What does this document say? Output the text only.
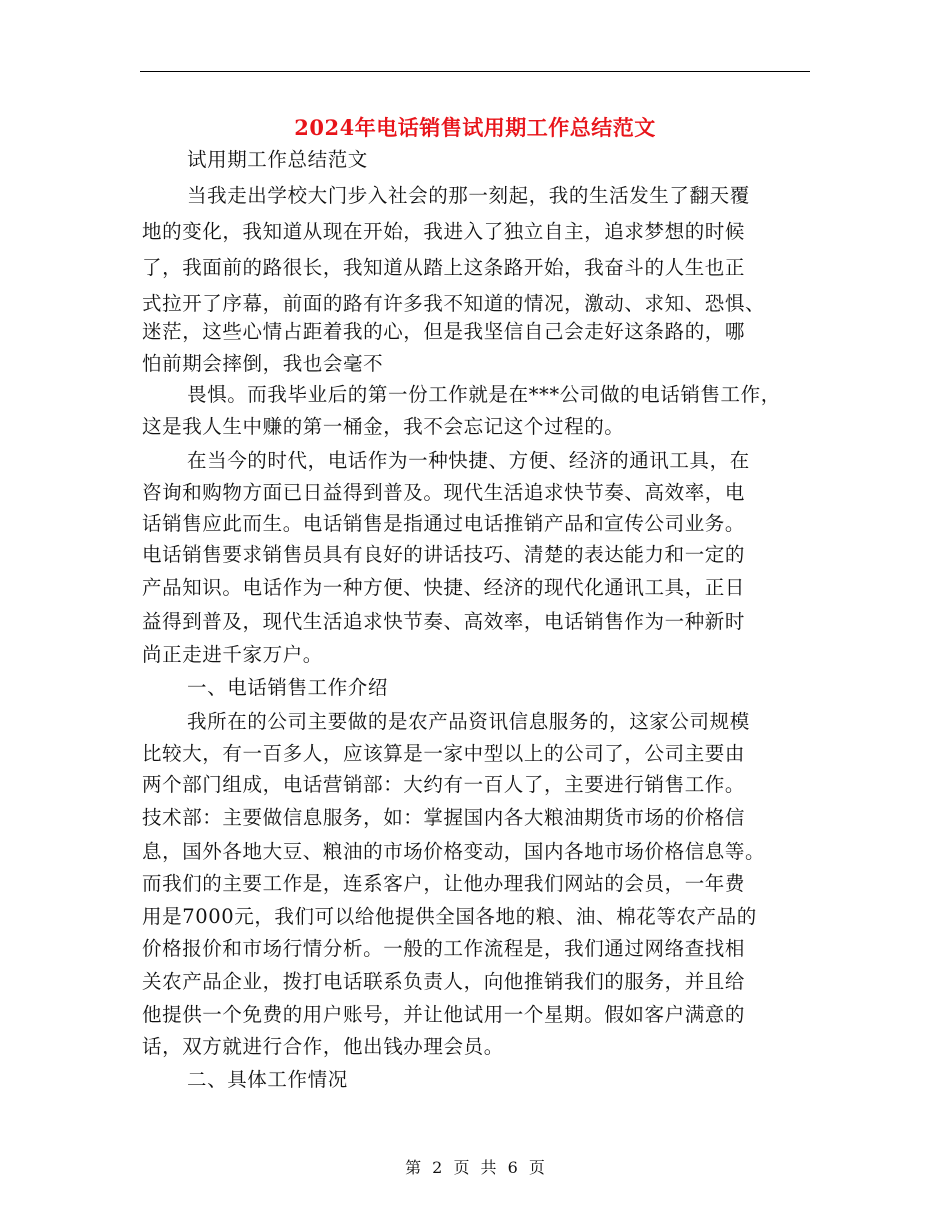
2024年电话销售试用期工作总结范文
试用期工作总结范文
当我走出学校大门步入社会的那一刻起，我的生活发生了翻天覆
地的变化，我知道从现在开始，我进入了独立自主，追求梦想的时候
了，我面前的路很长，我知道从踏上这条路开始，我奋斗的人生也正
式拉开了序幕，前面的路有许多我不知道的情况，激动、求知、恐惧、
迷茫，这些心情占距着我的心，但是我坚信自己会走好这条路的，哪
怕前期会摔倒，我也会毫不
畏惧。而我毕业后的第一份工作就是在***公司做的电话销售工作，
这是我人生中赚的第一桶金，我不会忘记这个过程的。
在当今的时代，电话作为一种快捷、方便、经济的通讯工具，在
咨询和购物方面已日益得到普及。现代生活追求快节奏、高效率，电
话销售应此而生。电话销售是指通过电话推销产品和宣传公司业务。
电话销售要求销售员具有良好的讲话技巧、清楚的表达能力和一定的
产品知识。电话作为一种方便、快捷、经济的现代化通讯工具，正日
益得到普及，现代生活追求快节奏、高效率，电话销售作为一种新时
尚正走进千家万户。
一、电话销售工作介绍
我所在的公司主要做的是农产品资讯信息服务的，这家公司规模
比较大，有一百多人，应该算是一家中型以上的公司了，公司主要由
两个部门组成，电话营销部：大约有一百人了，主要进行销售工作。
技术部：主要做信息服务，如：掌握国内各大粮油期货市场的价格信
息，国外各地大豆、粮油的市场价格变动，国内各地市场价格信息等。
而我们的主要工作是，连系客户，让他办理我们网站的会员，一年费
用是7000元，我们可以给他提供全国各地的粮、油、棉花等农产品的
价格报价和市场行情分析。一般的工作流程是，我们通过网络查找相
关农产品企业，拨打电话联系负责人，向他推销我们的服务，并且给
他提供一个免费的用户账号，并让他试用一个星期。假如客户满意的
话，双方就进行合作，他出钱办理会员。
二、具体工作情况
第 2 页 共 6 页
